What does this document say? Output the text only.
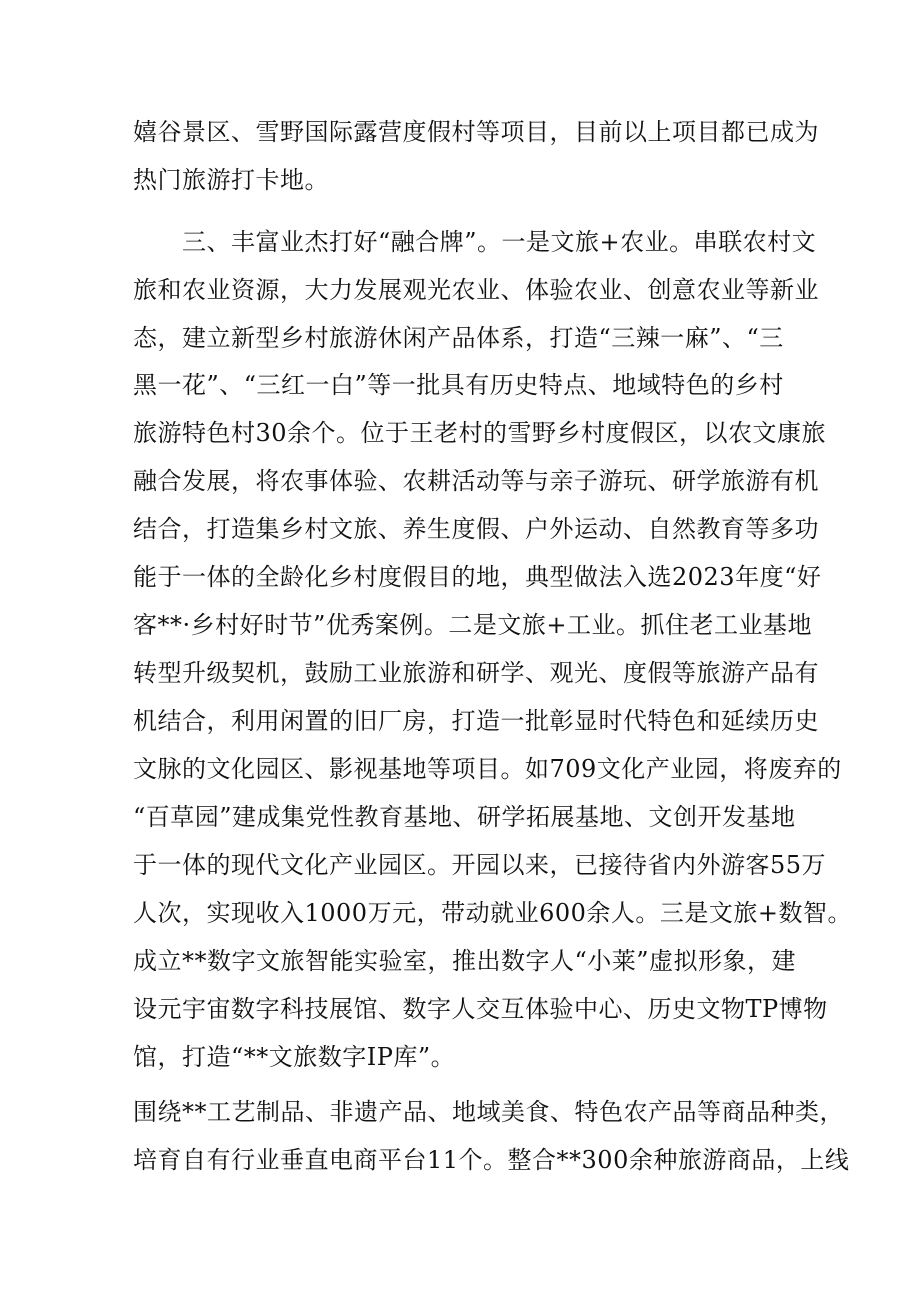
嬉谷景区、雪野国际露营度假村等项目，目前以上项目都已成为
热门旅游打卡地。
　　三、丰富业杰打好“融合牌”。一是文旅+农业。串联农村文
旅和农业资源，大力发展观光农业、体验农业、创意农业等新业
态，建立新型乡村旅游休闲产品体系，打造“三辣一麻”、“三
黑一花”、“三红一白”等一批具有历史特点、地域特色的乡村
旅游特色村30余个。位于王老村的雪野乡村度假区，以农文康旅
融合发展，将农事体验、农耕活动等与亲子游玩、研学旅游有机
结合，打造集乡村文旅、养生度假、户外运动、自然教育等多功
能于一体的全龄化乡村度假目的地，典型做法入选2023年度“好
客**·乡村好时节”优秀案例。二是文旅+工业。抓住老工业基地
转型升级契机，鼓励工业旅游和研学、观光、度假等旅游产品有
机结合，利用闲置的旧厂房，打造一批彰显时代特色和延续历史
文脉的文化园区、影视基地等项目。如709文化产业园，将废弃的
“百草园”建成集党性教育基地、研学拓展基地、文创开发基地
于一体的现代文化产业园区。开园以来，已接待省内外游客55万
人次，实现收入1000万元，带动就业600余人。三是文旅+数智。
成立**数字文旅智能实验室，推出数字人“小莱”虚拟形象，建
设元宇宙数字科技展馆、数字人交互体验中心、历史文物TP博物
馆，打造“**文旅数字IP库”。
围绕**工艺制品、非遗产品、地域美食、特色农产品等商品种类，
培育自有行业垂直电商平台11个。整合**300余种旅游商品，上线
